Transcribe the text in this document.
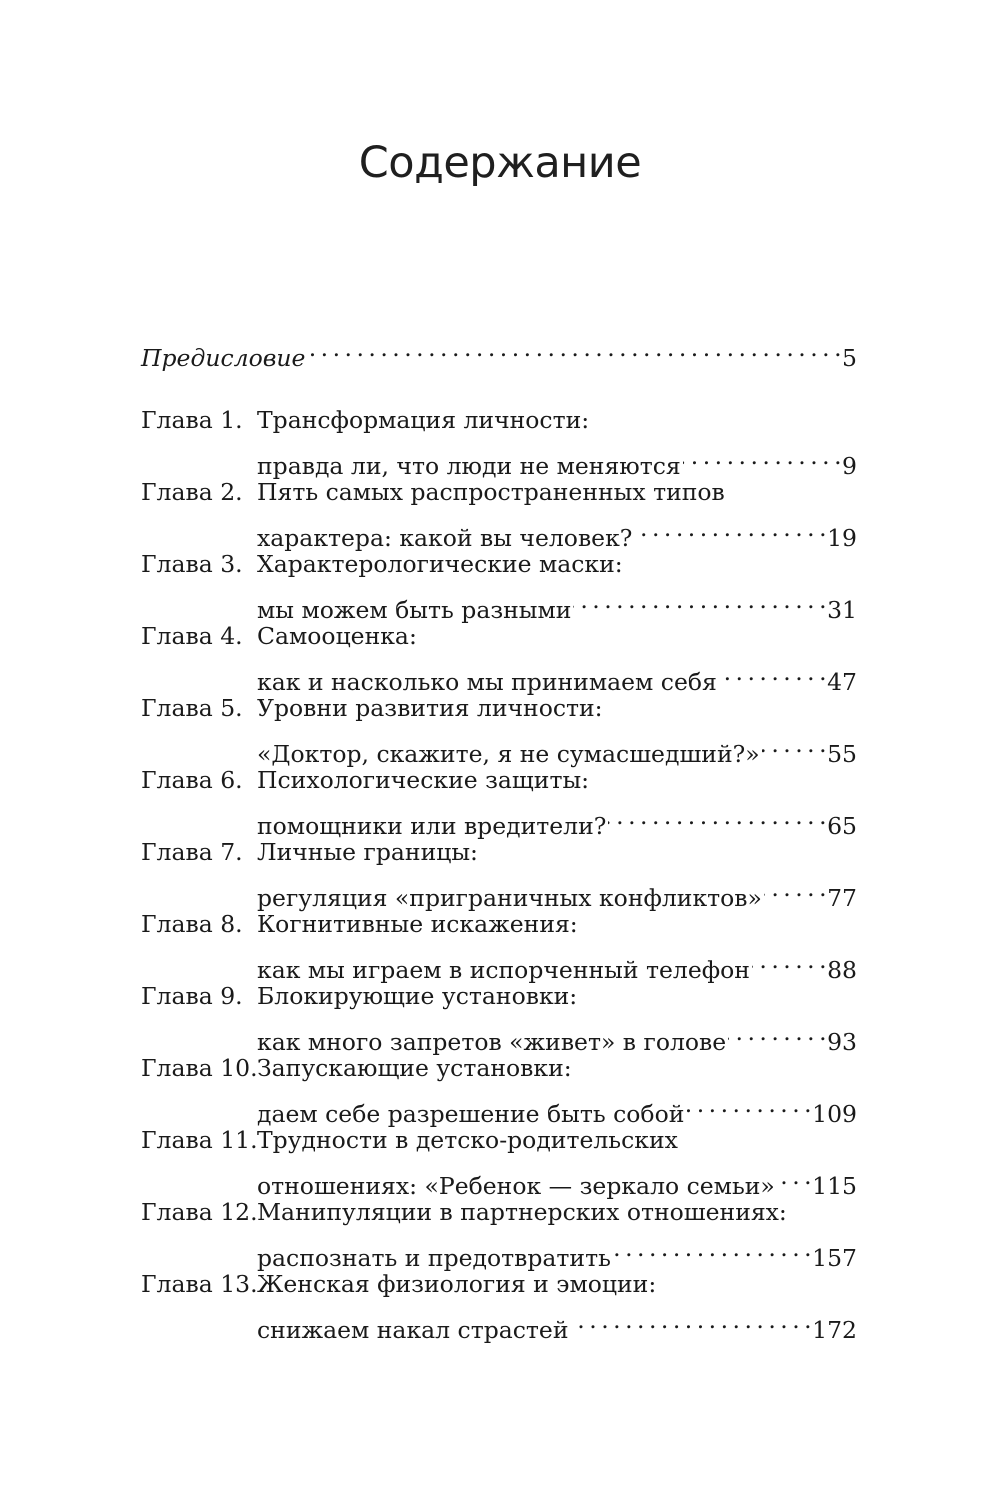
Содержание
Предисловие . . .	5
Глава 1. Трансформация личности:
правда ли, что люди не меняются . . .	9
Глава 2. Пять самых распространенных типов
характера: какой вы человек? . . .	19
Глава 3. Характерологические маски:
мы можем быть разными . . .	31
Глава 4. Самооценка:
как и насколько мы принимаем себя . . .	47
Глава 5. Уровни развития личности:
«Доктор, скажите, я не сумасшедший?» . . .	55
Глава 6. Психологические защиты:
помощники или вредители? . . .	65
Глава 7. Личные границы:
регуляция «приграничных конфликтов» . . .	77
Глава 8. Когнитивные искажения:
как мы играем в испорченный телефон . . .	88
Глава 9. Блокирующие установки:
как много запретов «живет» в голове . . .	93
Глава 10. Запускающие установки:
даем себе разрешение быть собой . . .	109
Глава 11. Трудности в детско-родительских
отношениях: «Ребенок — зеркало семьи» . . . 115
Глава 12. Манипуляции в партнерских отношениях:
распознать и предотвратить . . .	157
Глава 13. Женская физиология и эмоции:
снижаем накал страстей . . .	172
